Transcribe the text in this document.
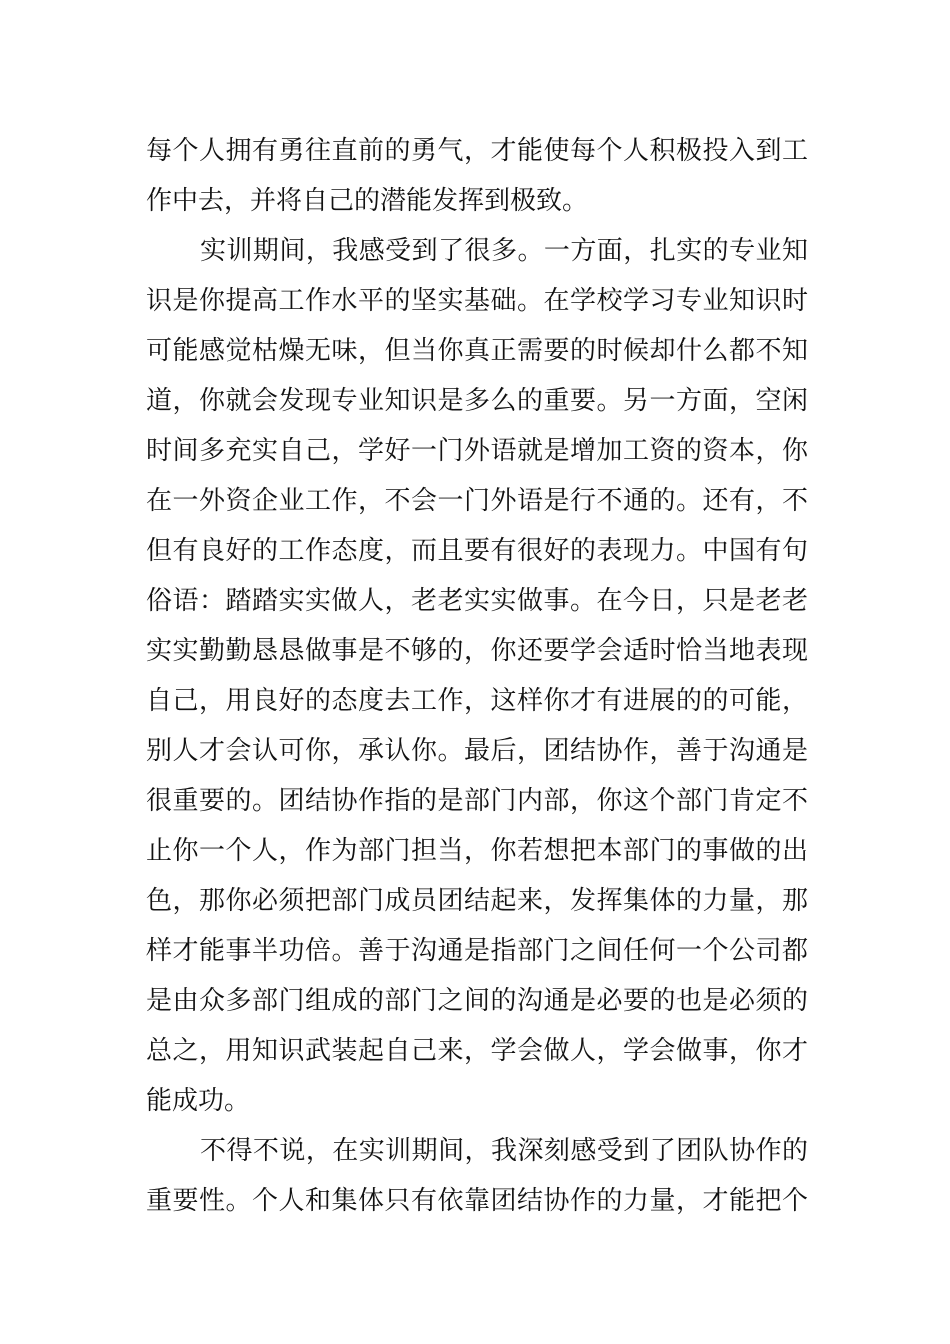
每个人拥有勇往直前的勇气，才能使每个人积极投入到工
作中去，并将自己的潜能发挥到极致。
实训期间，我感受到了很多。一方面，扎实的专业知
识是你提高工作水平的坚实基础。在学校学习专业知识时
可能感觉枯燥无味，但当你真正需要的时候却什么都不知
道，你就会发现专业知识是多么的重要。另一方面，空闲
时间多充实自己，学好一门外语就是增加工资的资本，你
在一外资企业工作，不会一门外语是行不通的。还有，不
但有良好的工作态度，而且要有很好的表现力。中国有句
俗语：踏踏实实做人，老老实实做事。在今日，只是老老
实实勤勤恳恳做事是不够的，你还要学会适时恰当地表现
自己，用良好的态度去工作，这样你才有进展的的可能，
别人才会认可你，承认你。最后，团结协作，善于沟通是
很重要的。团结协作指的是部门内部，你这个部门肯定不
止你一个人，作为部门担当，你若想把本部门的事做的出
色，那你必须把部门成员团结起来，发挥集体的力量，那
样才能事半功倍。善于沟通是指部门之间任何一个公司都
是由众多部门组成的部门之间的沟通是必要的也是必须的
总之，用知识武装起自己来，学会做人，学会做事，你才
能成功。
不得不说，在实训期间，我深刻感受到了团队协作的
重要性。个人和集体只有依靠团结协作的力量，才能把个
